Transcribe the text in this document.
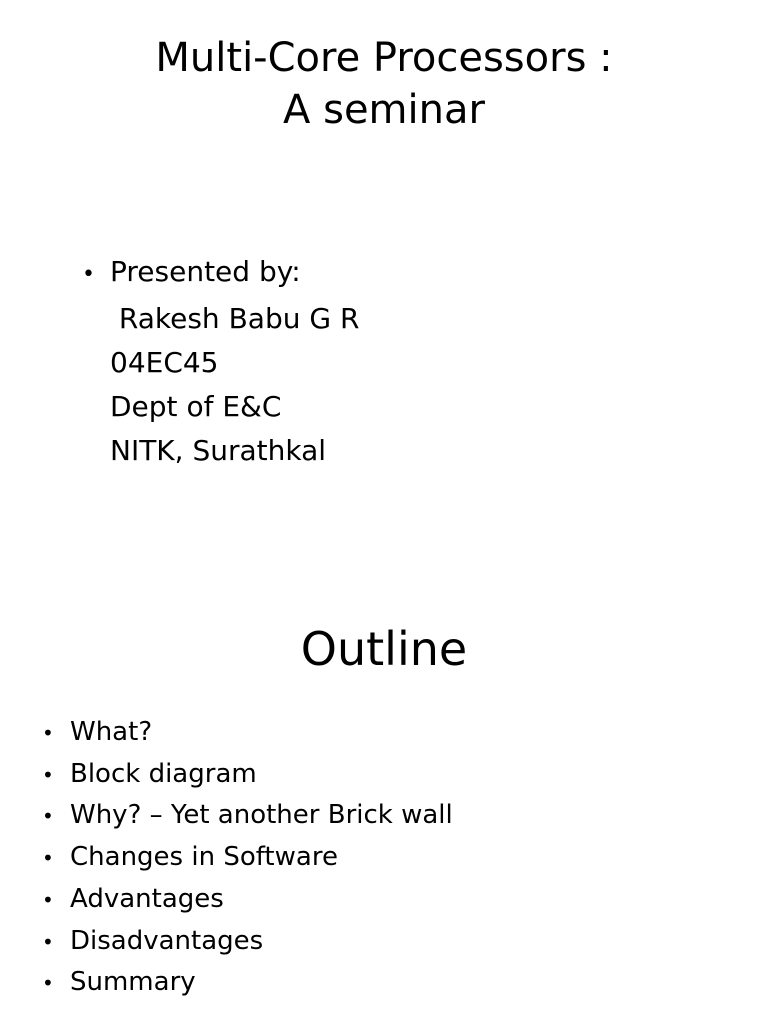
Multi-Core Processors :
A seminar
• Presented by:
Rakesh Babu G R
04EC45
Dept of E&C
NITK, Surathkal
Outline
• What?
• Block diagram
• Why? – Yet another Brick wall
• Changes in Software
• Advantages
• Disadvantages
• Summary
